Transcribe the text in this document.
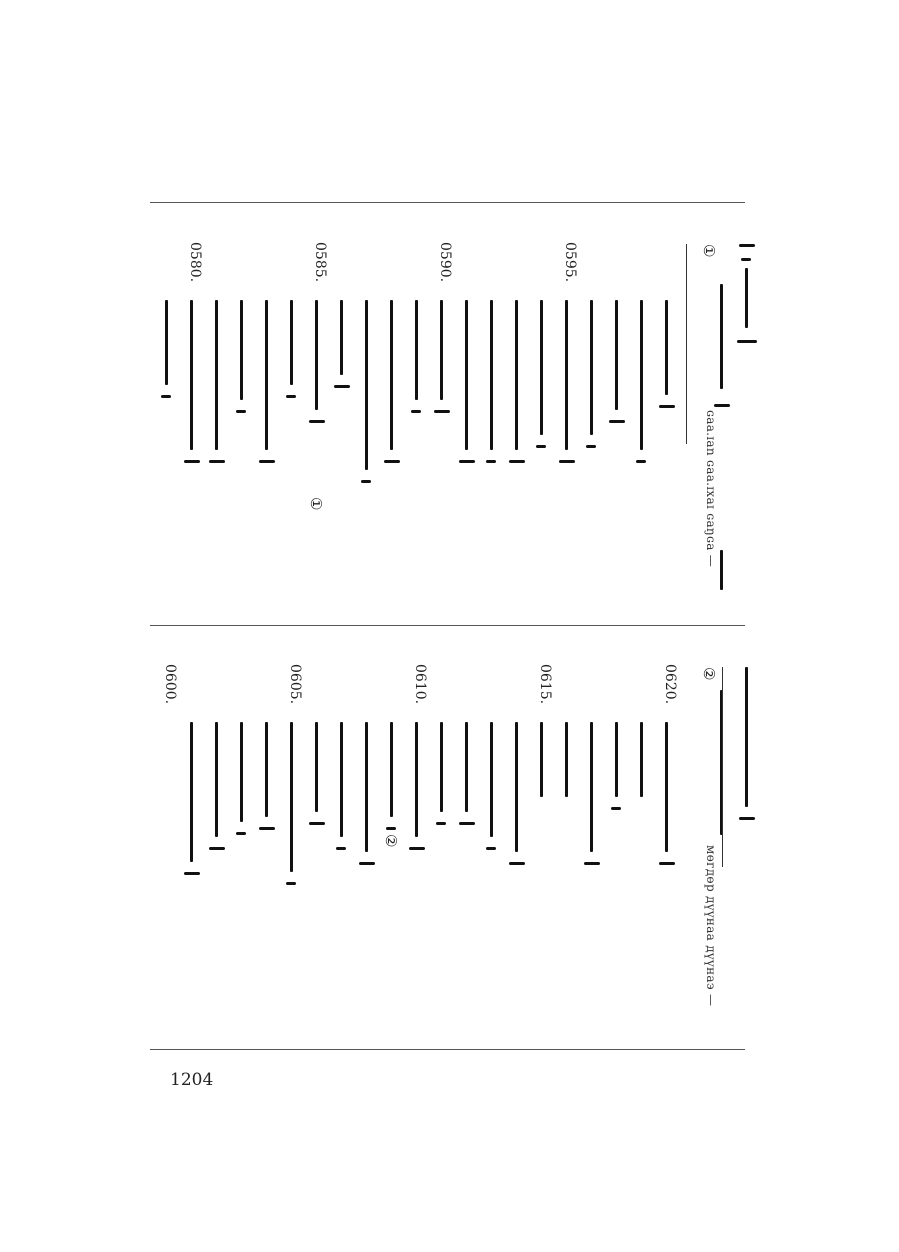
①
ɢaa.ɪan ɢaa.ɪxaɪ ɢaŋɢa —
①
0595.
0590.
0585.
0580.
②
мөгдөр дүүнаа дүүнаэ —
②
0620.
0615.
0610.
0605.
0600.
1204
